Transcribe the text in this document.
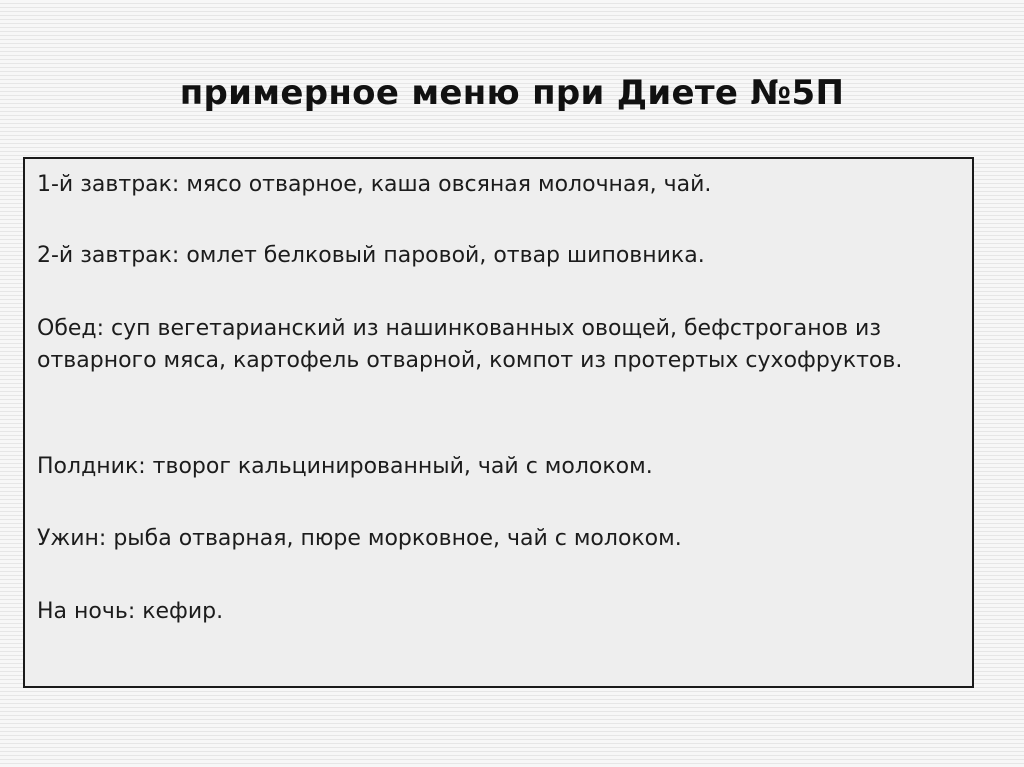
примерное меню при Диете №5П
1-й завтрак: мясо отварное, каша овсяная молочная, чай.
2-й завтрак: омлет белковый паровой, отвар шиповника.
Обед: суп вегетарианский из нашинкованных овощей, бефстроганов из отварного мяса, картофель отварной, компот из протертых сухофруктов.
Полдник: творог кальцинированный, чай с молоком.
Ужин: рыба отварная, пюре морковное, чай с молоком.
На ночь: кефир.
